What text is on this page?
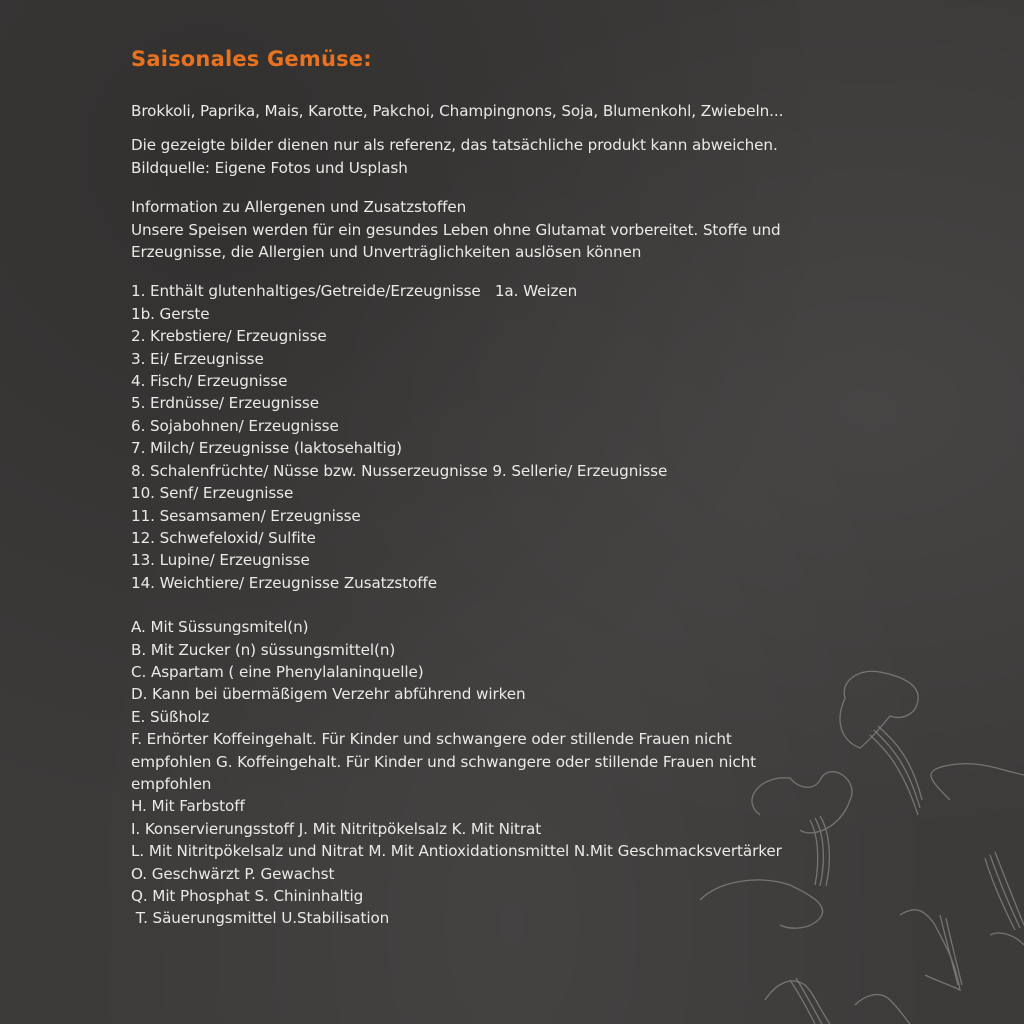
Saisonales Gemüse:

Brokkoli, Paprika, Mais, Karotte, Pakchoi, Champingnons, Soja, Blumenkohl, Zwiebeln...

Die gezeigte bilder dienen nur als referenz, das tatsächliche produkt kann abweichen.

Bildquelle: Eigene Fotos und Usplash

Information zu Allergenen und Zusatzstoffen

Unsere Speisen werden für ein gesundes Leben ohne Glutamat vorbereitet. Stoffe und

Erzeugnisse, die Allergien und Unverträglichkeiten auslösen können

1. Enthält glutenhaltiges/Getreide/Erzeugnisse   1a. Weizen

1b. Gerste

2. Krebstiere/ Erzeugnisse

3. Ei/ Erzeugnisse

4. Fisch/ Erzeugnisse

5. Erdnüsse/ Erzeugnisse

6. Sojabohnen/ Erzeugnisse

7. Milch/ Erzeugnisse (laktosehaltig)

8. Schalenfrüchte/ Nüsse bzw. Nusserzeugnisse 9. Sellerie/ Erzeugnisse

10. Senf/ Erzeugnisse

11. Sesamsamen/ Erzeugnisse

12. Schwefeloxid/ Sulfite

13. Lupine/ Erzeugnisse

14. Weichtiere/ Erzeugnisse Zusatzstoffe

A. Mit Süssungsmitel(n)

B. Mit Zucker (n) süssungsmittel(n)

C. Aspartam ( eine Phenylalaninquelle)

D. Kann bei übermäßigem Verzehr abführend wirken

E. Süßholz

F. Erhörter Koffeingehalt. Für Kinder und schwangere oder stillende Frauen nicht

empfohlen G. Koffeingehalt. Für Kinder und schwangere oder stillende Frauen nicht

empfohlen

H. Mit Farbstoff

I. Konservierungsstoff J. Mit Nitritpökelsalz K. Mit Nitrat

L. Mit Nitritpökelsalz und Nitrat M. Mit Antioxidationsmittel N.Mit Geschmacksvertärker

O. Geschwärzt P. Gewachst

Q. Mit Phosphat S. Chininhaltig

T. Säuerungsmittel U.Stabilisation
